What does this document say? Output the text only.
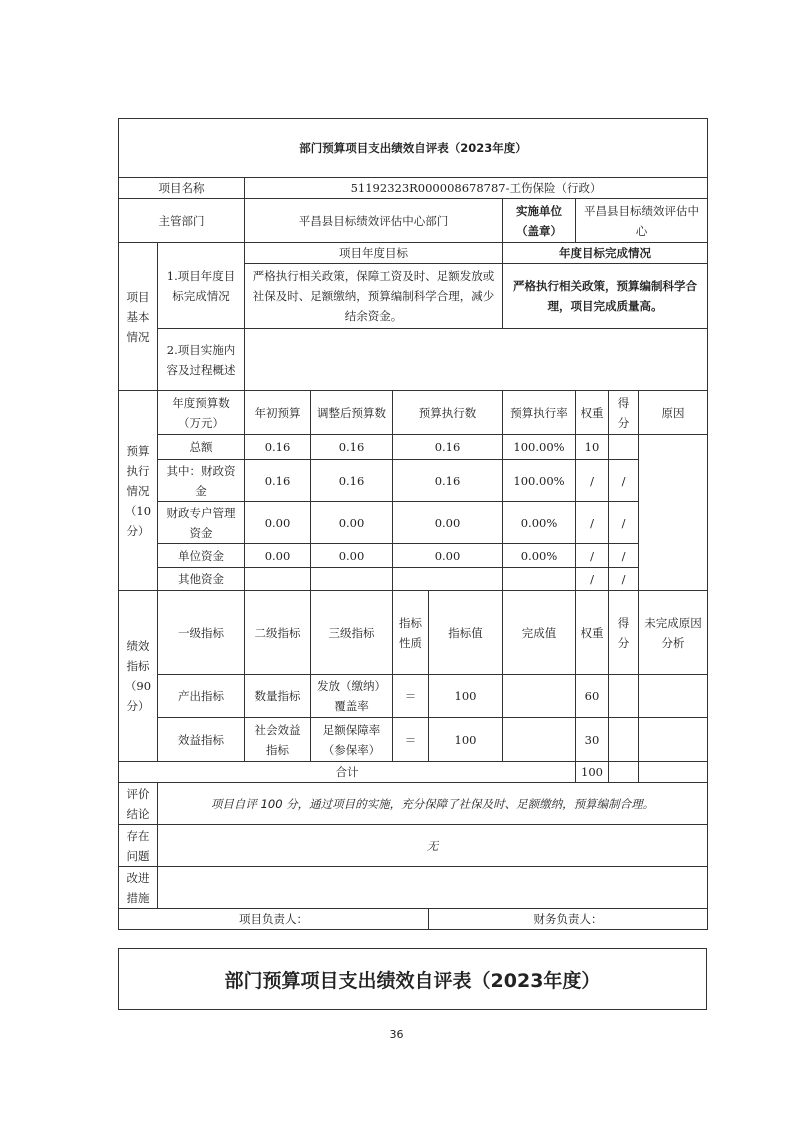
部门预算项目支出绩效自评表（2023年度）									
项目名称		51192323R000008678787-工伤保险（行政）							
主管部门		平昌县目标绩效评估中心部门				实施单位（盖章）	平昌县目标绩效评估中心		
项目基本情况	1.项目年度目标完成情况	项目年度目标				年度目标完成情况			
		严格执行相关政策，保障工资及时、足额发放或社保及时、足额缴纳，预算编制科学合理，减少结余资金。				严格执行相关政策，预算编制科学合理，项目完成质量高。			
	2.项目实施内容及过程概述								
预算执行情况（10分）	年度预算数（万元）	年初预算	调整后预算数	预算执行数		预算执行率	权重	得分	原因
	总额	0.16	0.16	0.16		100.00%	10		
	其中：财政资金	0.16	0.16	0.16		100.00%	/	/	
	财政专户管理资金	0.00	0.00	0.00		0.00%	/	/	
	单位资金	0.00	0.00	0.00		0.00%	/	/	
	其他资金						/	/	
绩效指标（90分）	一级指标	二级指标	三级指标	指标性质	指标值	完成值	权重	得分	未完成原因分析
	产出指标	数量指标	发放（缴纳）覆盖率	＝	100		60		
	效益指标	社会效益指标	足额保障率（参保率）	＝	100		30		
合计							100		
评价结论	项目自评 100 分，通过项目的实施，充分保障了社保及时、足额缴纳，预算编制合理。								
存在问题	无								
改进措施									
项目负责人：					财务负责人：				
部门预算项目支出绩效自评表（2023年度）
36
